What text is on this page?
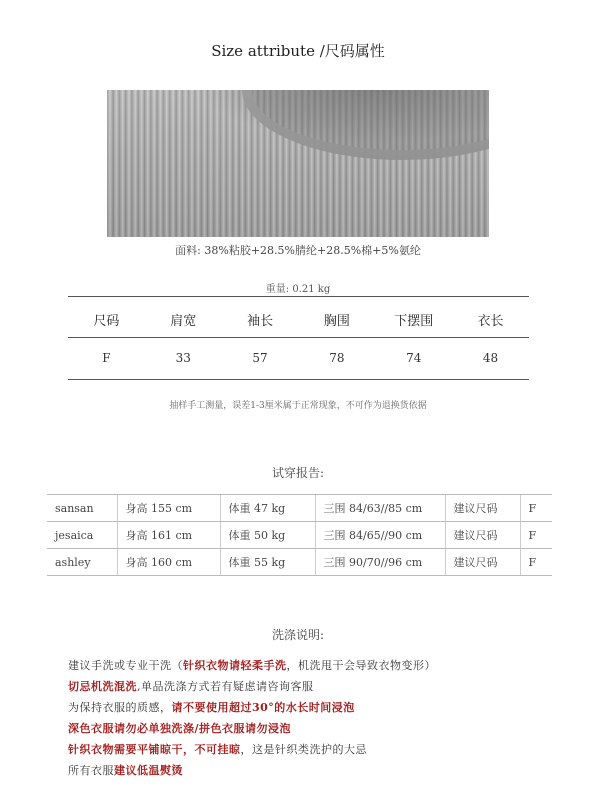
Size attribute /尺码属性
面料: 38%粘胶+28.5%腈纶+28.5%棉+5%氨纶
重量: 0.21 kg
尺码	肩宽	袖长	胸围	下摆围	衣长
F	33	57	78	74	48
抽样手工测量，误差1-3厘米属于正常现象，不可作为退换货依据
试穿报告:
sansan	身高 155 cm	体重 47 kg	三围 84/63//85 cm	建议尺码	F
jesaica	身高 161 cm	体重 50 kg	三围 84/65//90 cm	建议尺码	F
ashley	身高 160 cm	体重 55 kg	三围 90/70//96 cm	建议尺码	F
洗涤说明:
建议手洗或专业干洗（针织衣物请轻柔手洗，机洗甩干会导致衣物变形）
切忌机洗混洗,单品洗涤方式若有疑虑请咨询客服
为保持衣服的质感，请不要使用超过30°的水长时间浸泡
深色衣服请勿必单独洗涤/拼色衣服请勿浸泡
针织衣物需要平铺晾干，不可挂晾，这是针织类洗护的大忌
所有衣服建议低温熨烫
